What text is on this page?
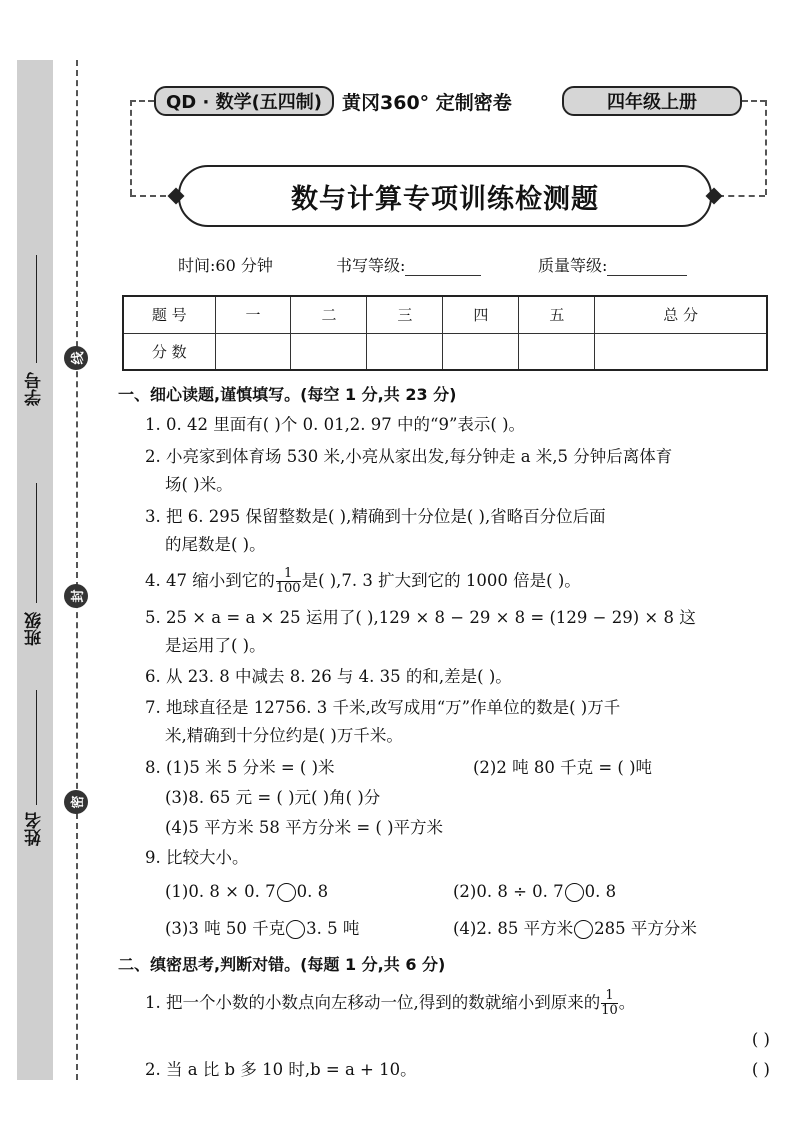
学号
班级
姓名
线
封
密
QD · 数学(五四制)	黄冈360° 定制密卷	四年级上册
数与计算专项训练检测题
时间:60 分钟	书写等级:	质量等级:
题 号	一	二	三	四	五	总 分
分 数						
一、细心读题,谨慎填写。(每空 1 分,共 23 分)
1. 0. 42 里面有( )个 0. 01,2. 97 中的“9”表示( )。
2. 小亮家到体育场 530 米,小亮从家出发,每分钟走 a 米,5 分钟后离体育
场( )米。
3. 把 6. 295 保留整数是( ),精确到十分位是( ),省略百分位后面
的尾数是( )。
4. 47 缩小到它的 $\frac{1}{100}$ 是( ),7. 3 扩大到它的 1000 倍是( )。
5. 25 × a = a × 25 运用了( ),129 × 8 − 29 × 8 = (129 − 29) × 8 这
是运用了( )。
6. 从 23. 8 中减去 8. 26 与 4. 35 的和,差是( )。
7. 地球直径是 12756. 3 千米,改写成用“万”作单位的数是( )万千
米,精确到十分位约是( )万千米。
8. (1)5 米 5 分米 = ( )米	(2)2 吨 80 千克 = ( )吨
(3)8. 65 元 = ( )元( )角( )分
(4)5 平方米 58 平方分米 = ( )平方米
9. 比较大小。
(1)0. 8 × 0. 7 0. 8	(2)0. 8 ÷ 0. 7 0. 8
(3)3 吨 50 千克 3. 5 吨	(4)2. 85 平方米 285 平方分米
二、缜密思考,判断对错。(每题 1 分,共 6 分)
1. 把一个小数的小数点向左移动一位,得到的数就缩小到原来的 $\frac{1}{10}$ 。
( )
2. 当 a 比 b 多 10 时,b = a + 10。	( )
